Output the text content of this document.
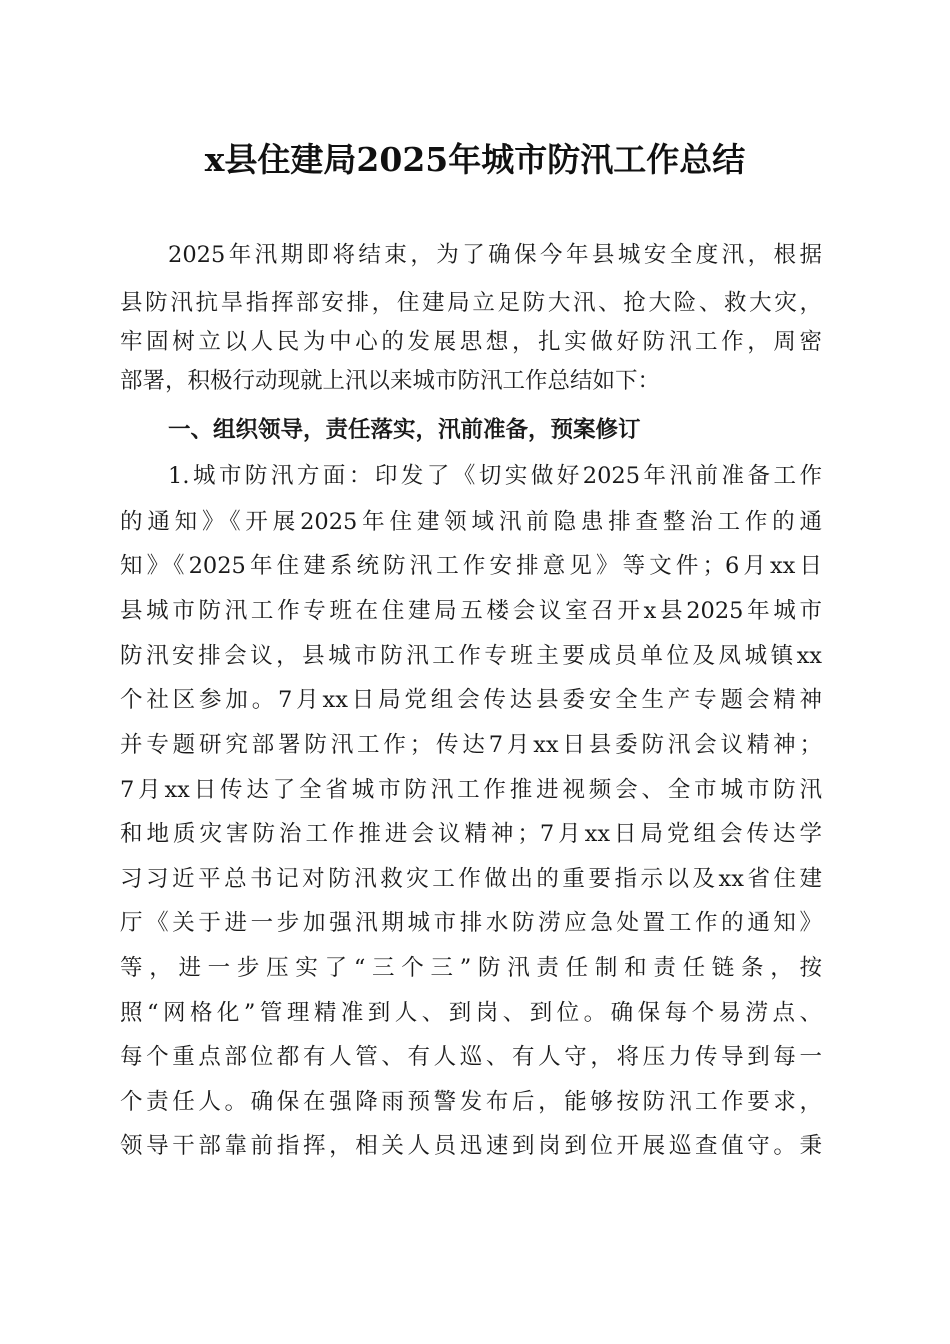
x县住建局2025年城市防汛工作总结
2025年汛期即将结束，为了确保今年县城安全度汛，根据
县防汛抗旱指挥部安排，住建局立足防大汛、抢大险、救大灾，
牢固树立以人民为中心的发展思想，扎实做好防汛工作，周密
部署，积极行动现就上汛以来城市防汛工作总结如下：
一、组织领导，责任落实，汛前准备，预案修订
1.城市防汛方面：印发了《切实做好2025年汛前准备工作
的通知》《开展2025年住建领域汛前隐患排查整治工作的通
知》《2025年住建系统防汛工作安排意见》等文件；6月xx日
县城市防汛工作专班在住建局五楼会议室召开x县2025年城市
防汛安排会议，县城市防汛工作专班主要成员单位及凤城镇xx
个社区参加。7月xx日局党组会传达县委安全生产专题会精神
并专题研究部署防汛工作；传达7月xx日县委防汛会议精神；
7月xx日传达了全省城市防汛工作推进视频会、全市城市防汛
和地质灾害防治工作推进会议精神；7月xx日局党组会传达学
习习近平总书记对防汛救灾工作做出的重要指示以及xx省住建
厅《关于进一步加强汛期城市排水防涝应急处置工作的通知》
等，进一步压实了“三个三”防汛责任制和责任链条，按
照“网格化”管理精准到人、到岗、到位。确保每个易涝点、
每个重点部位都有人管、有人巡、有人守，将压力传导到每一
个责任人。确保在强降雨预警发布后，能够按防汛工作要求，
领导干部靠前指挥，相关人员迅速到岗到位开展巡查值守。秉
